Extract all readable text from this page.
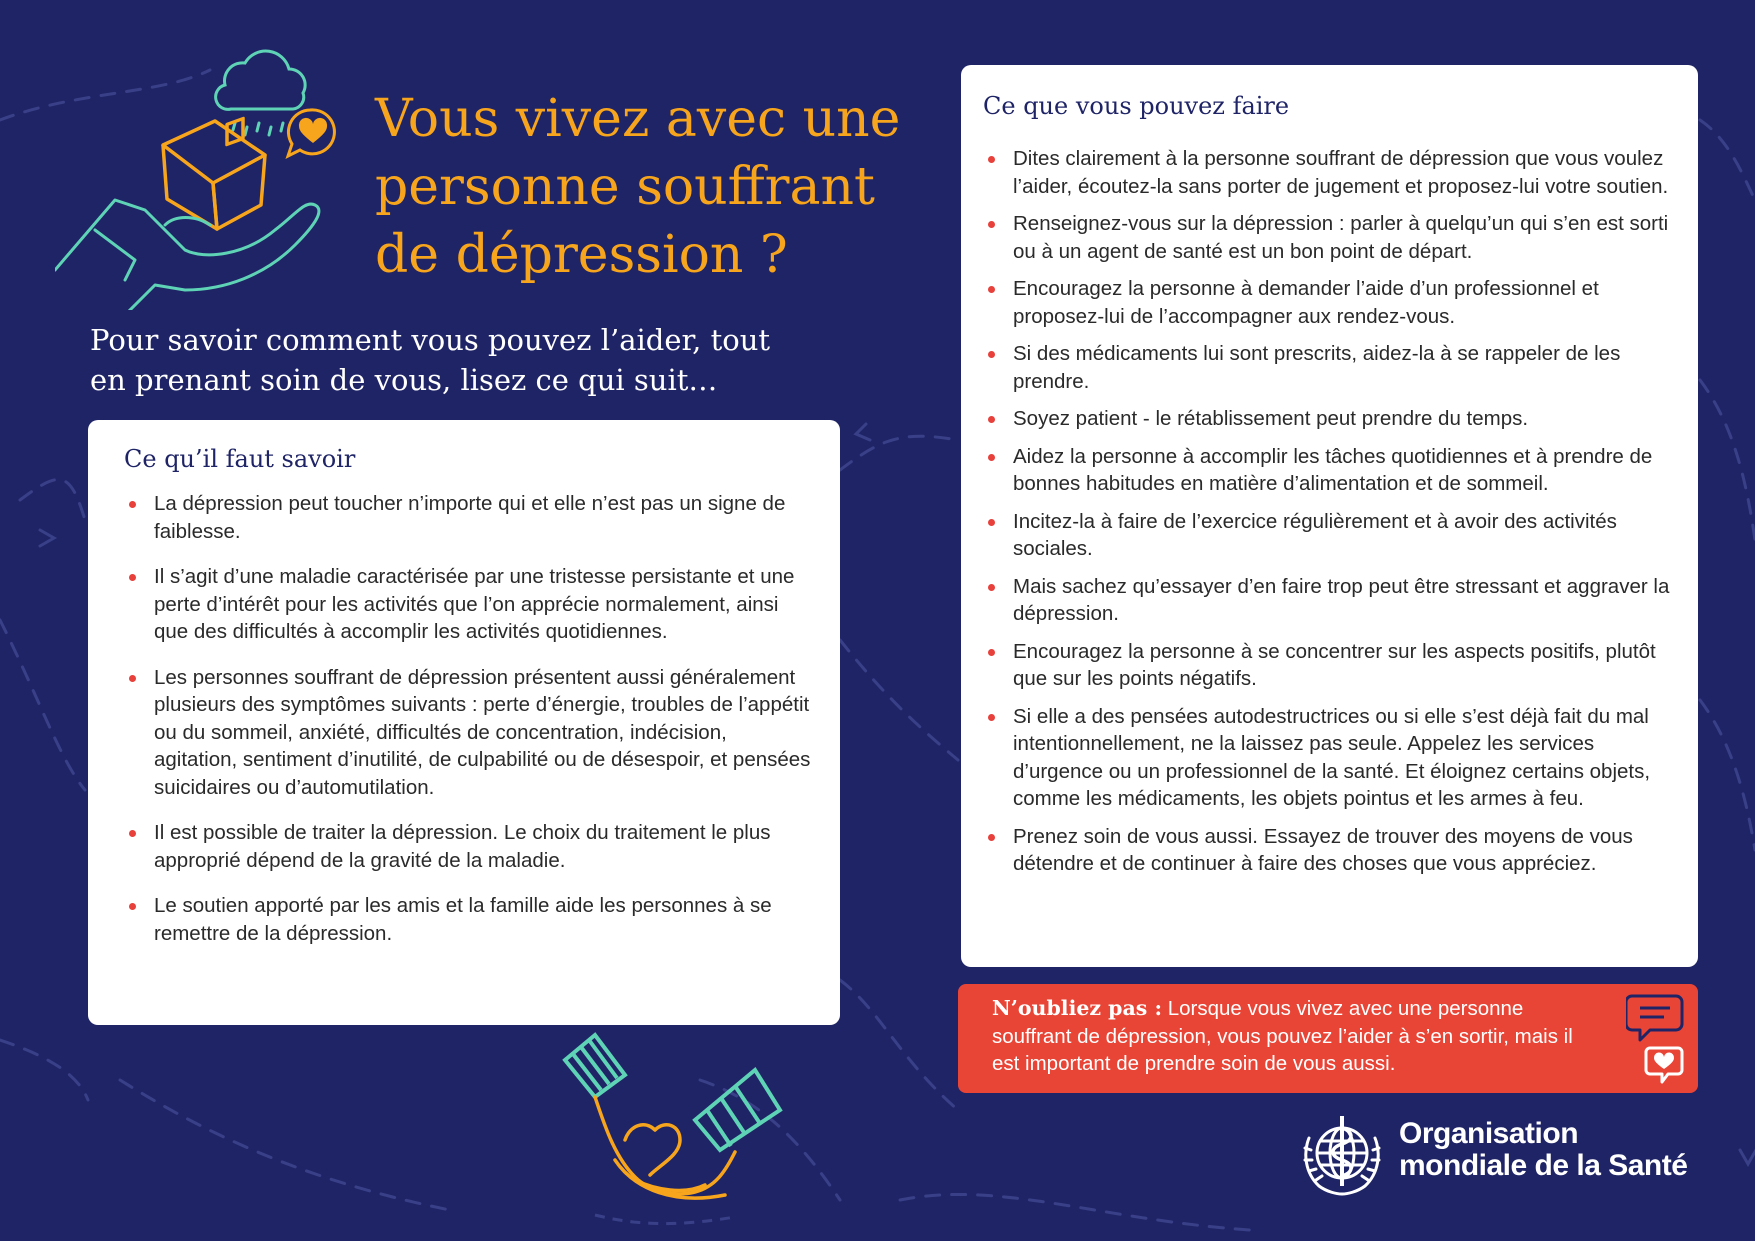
Vous vivez avec une
personne souffrant
de dépression ?

Pour savoir comment vous pouvez l’aider, tout
en prenant soin de vous, lisez ce qui suit…

Ce qu’il faut savoir
La dépression peut toucher n’importe qui et elle n’est pas un signe de faiblesse.
Il s’agit d’une maladie caractérisée par une tristesse persistante et une perte d’intérêt pour les activités que l’on apprécie normalement, ainsi que des difficultés à accomplir les activités quotidiennes.
Les personnes souffrant de dépression présentent aussi généralement plusieurs des symptômes suivants : perte d’énergie, troubles de l’appétit ou du sommeil, anxiété, difficultés de concentration, indécision, agitation, sentiment d’inutilité, de culpabilité ou de désespoir, et pensées suicidaires ou d’automutilation.
Il est possible de traiter la dépression. Le choix du traitement le plus approprié dépend de la gravité de la maladie.
Le soutien apporté par les amis et la famille aide les personnes à se remettre de la dépression.
Ce que vous pouvez faire
Dites clairement à la personne souffrant de dépression que vous voulez l’aider, écoutez-la sans porter de jugement et proposez-lui votre soutien.
Renseignez-vous sur la dépression : parler à quelqu’un qui s’en est sorti ou à un agent de santé est un bon point de départ.
Encouragez la personne à demander l’aide d’un professionnel et proposez-lui de l’accompagner aux rendez-vous.
Si des médicaments lui sont prescrits, aidez-la à se rappeler de les prendre.
Soyez patient - le rétablissement peut prendre du temps.
Aidez la personne à accomplir les tâches quotidiennes et à prendre de bonnes habitudes en matière d’alimentation et de sommeil.
Incitez-la à faire de l’exercice régulièrement et à avoir des activités sociales.
Mais sachez qu’essayer d’en faire trop peut être stressant et aggraver la dépression.
Encouragez la personne à se concentrer sur les aspects positifs, plutôt que sur les points négatifs.
Si elle a des pensées autodestructrices ou si elle s’est déjà fait du mal intentionnellement, ne la laissez pas seule. Appelez les services d’urgence ou un professionnel de la santé. Et éloignez certains objets, comme les médicaments, les objets pointus et les armes à feu.
Prenez soin de vous aussi. Essayez de trouver des moyens de vous détendre et de continuer à faire des choses que vous appréciez.
N’oubliez pas : Lorsque vous vivez avec une personne souffrant de dépression, vous pouvez l’aider à s’en sortir, mais il est important de prendre soin de vous aussi.
Organisation
mondiale de la Santé
